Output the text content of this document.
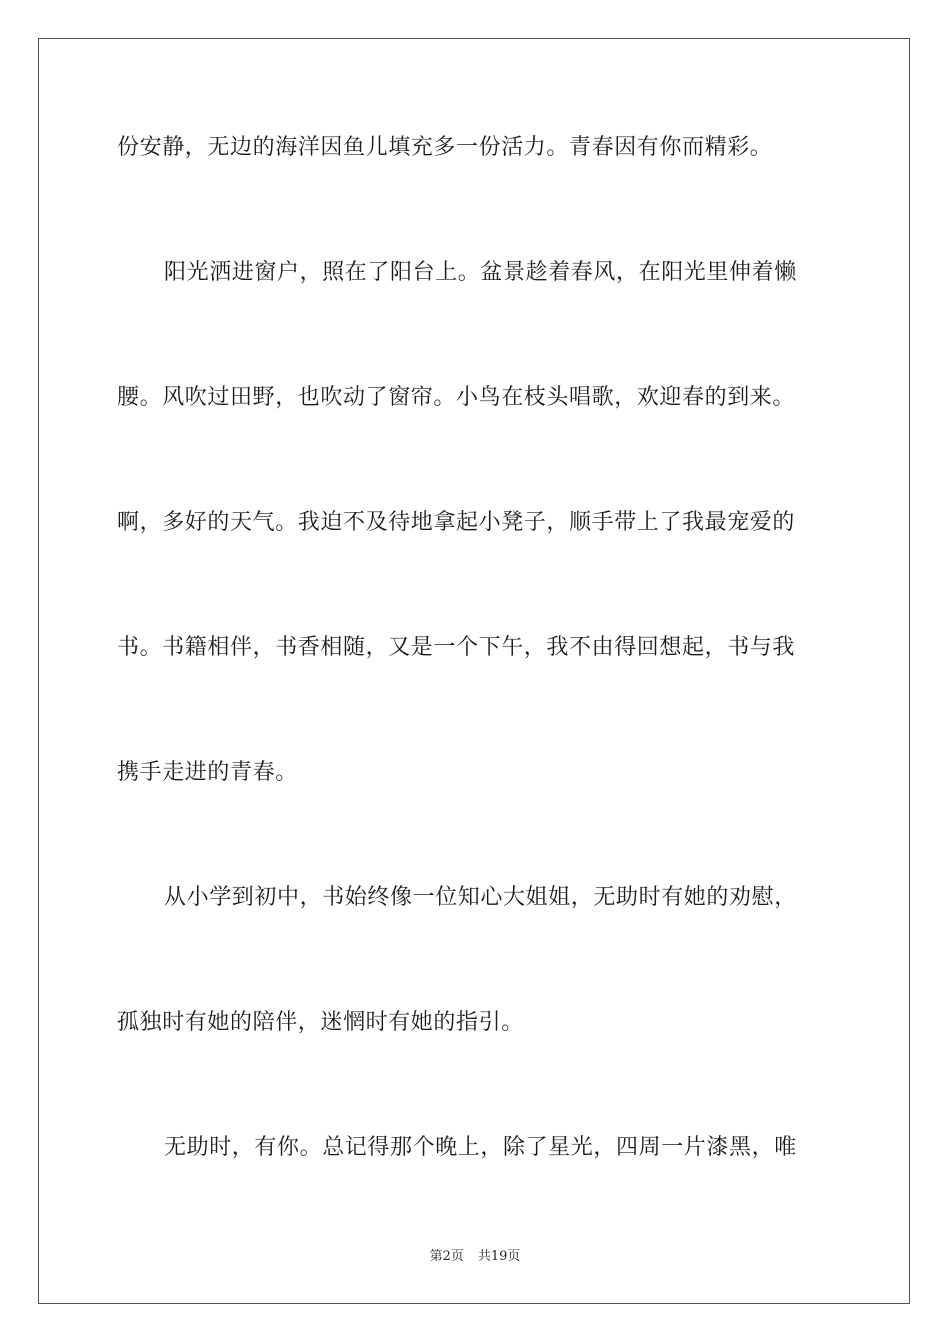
份安静，无边的海洋因鱼儿填充多一份活力。青春因有你而精彩。
阳光洒进窗户，照在了阳台上。盆景趁着春风，在阳光里伸着懒
腰。风吹过田野，也吹动了窗帘。小鸟在枝头唱歌，欢迎春的到来。
啊，多好的天气。我迫不及待地拿起小凳子，顺手带上了我最宠爱的
书。书籍相伴，书香相随，又是一个下午，我不由得回想起，书与我
携手走进的青春。
从小学到初中，书始终像一位知心大姐姐，无助时有她的劝慰，
孤独时有她的陪伴，迷惘时有她的指引。
无助时，有你。总记得那个晚上，除了星光，四周一片漆黑，唯
第2页 共19页
